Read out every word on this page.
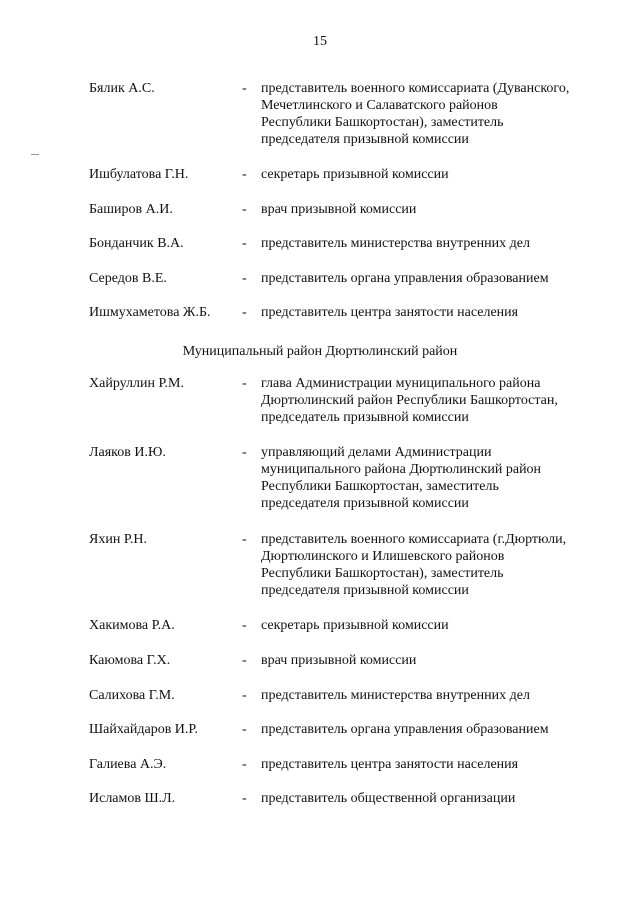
15
Бялик А.С.	- представитель военного комиссариата (Дуванского,
Мечетлинского и Салаватского районов
Республики Башкортостан), заместитель
председателя призывной комиссии
Ишбулатова Г.Н.	- секретарь призывной комиссии
Баширов А.И.	- врач призывной комиссии
Бонданчик В.А.	- представитель министерства внутренних дел
Середов В.Е.	- представитель органа управления образованием
Ишмухаметова Ж.Б. - представитель центра занятости населения
Муниципальный район Дюртюлинский район
Хайруллин Р.М.	- глава Администрации муниципального района
Дюртюлинский район Республики Башкортостан,
председатель призывной комиссии
Лаяков И.Ю.	- управляющий делами Администрации
муниципального района Дюртюлинский район
Республики Башкортостан, заместитель
председателя призывной комиссии
Яхин Р.Н.	- представитель военного комиссариата (г.Дюртюли,
Дюртюлинского и Илишевского районов
Республики Башкортостан), заместитель
председателя призывной комиссии
Хакимова Р.А.	- секретарь призывной комиссии
Каюмова Г.Х.	- врач призывной комиссии
Салихова Г.М.	- представитель министерства внутренних дел
Шайхайдаров И.Р.	- представитель органа управления образованием
Галиева А.Э.	- представитель центра занятости населения
Исламов Ш.Л.	- представитель общественной организации
